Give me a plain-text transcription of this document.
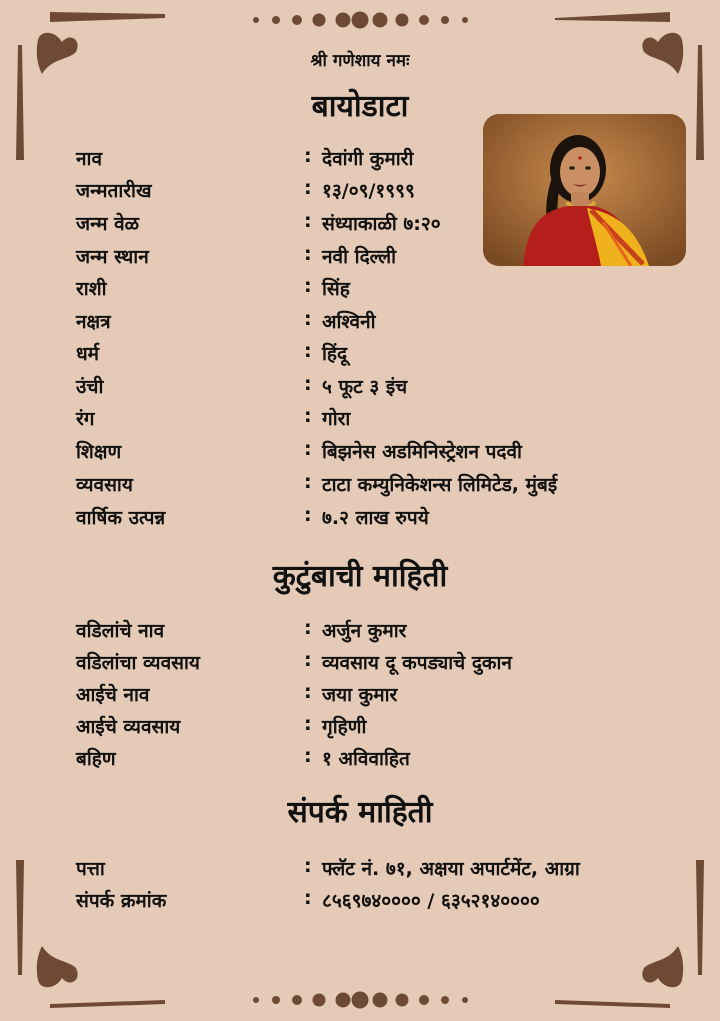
श्री गणेशाय नमः
बायोडाटा
नाव	: देवांगी कुमारी
जन्मतारीख	: १३/०९/१९९९
जन्म वेळ	: संध्याकाळी ७:२०
जन्म स्थान	: नवी दिल्ली
राशी	: सिंह
नक्षत्र	: अश्विनी
धर्म	: हिंदू
उंची	: ५ फूट ३ इंच
रंग	: गोरा
शिक्षण	: बिझनेस अडमिनिस्ट्रेशन पदवी
व्यवसाय	: टाटा कम्युनिकेशन्स लिमिटेड, मुंबई
वार्षिक उत्पन्न	: ७.२ लाख रुपये
कुटुंबाची माहिती
वडिलांचे नाव	: अर्जुन कुमार
वडिलांचा व्यवसाय	: व्यवसाय दू कपड्याचे दुकान
आईचे नाव	: जया कुमार
आईचे व्यवसाय	: गृहिणी
बहिण	: १ अविवाहित
संपर्क माहिती
पत्ता	: फ्लॅट नं. ७१, अक्षया अपार्टमेंट, आग्रा
संपर्क क्रमांक	: ८५६९७४०००० / ६३५२१४००००
